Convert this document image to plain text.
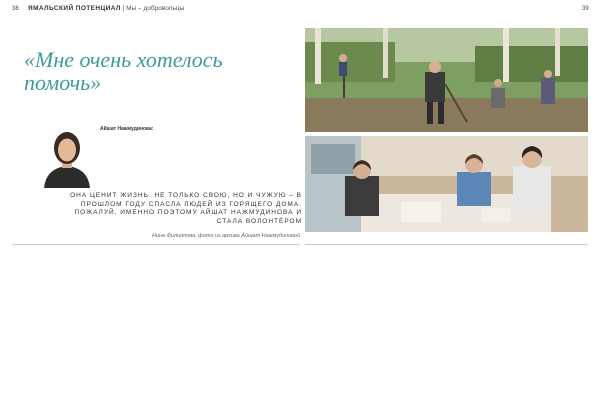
38 ЯМАЛЬСКИЙ ПОТЕНЦИАЛ | Мы – добровольцы	39
«Мне очень хотелось помочь»
Айшат Нажмудинова:

ОНА ЦЕНИТ ЖИЗНЬ. НЕ ТОЛЬКО СВОЮ, НО И ЧУЖУЮ – В ПРОШЛОМ ГОДУ СПАСЛА ЛЮДЕЙ ИЗ ГОРЯЩЕГО ДОМА. ПОЖАЛУЙ, ИМЕННО ПОЭТОМУ АЙШАТ НАЖМУДИНОВА И СТАЛА ВОЛОНТЁРОМ

Нина Филиппова, фото из архива Айшат Нажмудиновой
